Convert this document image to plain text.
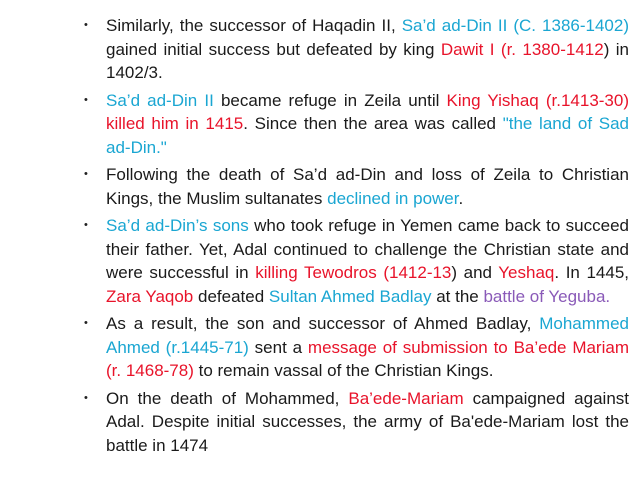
• Similarly, the successor of Haqadin II, Sa’d ad-Din II (C. 1386-1402) gained initial success but defeated by king Dawit I (r. 1380-1412) in 1402/3.
• Sa’d ad-Din II became refuge in Zeila until King Yishaq (r.1413-30) killed him in 1415. Since then the area was called "the land of Sad ad-Din."
• Following the death of Sa’d ad-Din and loss of Zeila to Christian Kings, the Muslim sultanates declined in power.
• Sa’d ad-Din’s sons who took refuge in Yemen came back to succeed their father. Yet, Adal continued to challenge the Christian state and were successful in killing Tewodros (1412-13) and Yeshaq. In 1445, Zara Yaqob defeated Sultan Ahmed Badlay at the battle of Yeguba.
• As a result, the son and successor of Ahmed Badlay, Mohammed Ahmed (r.1445-71) sent a message of submission to Ba’ede Mariam (r. 1468-78) to remain vassal of the Christian Kings.
• On the death of Mohammed, Ba’ede-Mariam campaigned against Adal. Despite initial successes, the army of Ba'ede-Mariam lost the battle in 1474
